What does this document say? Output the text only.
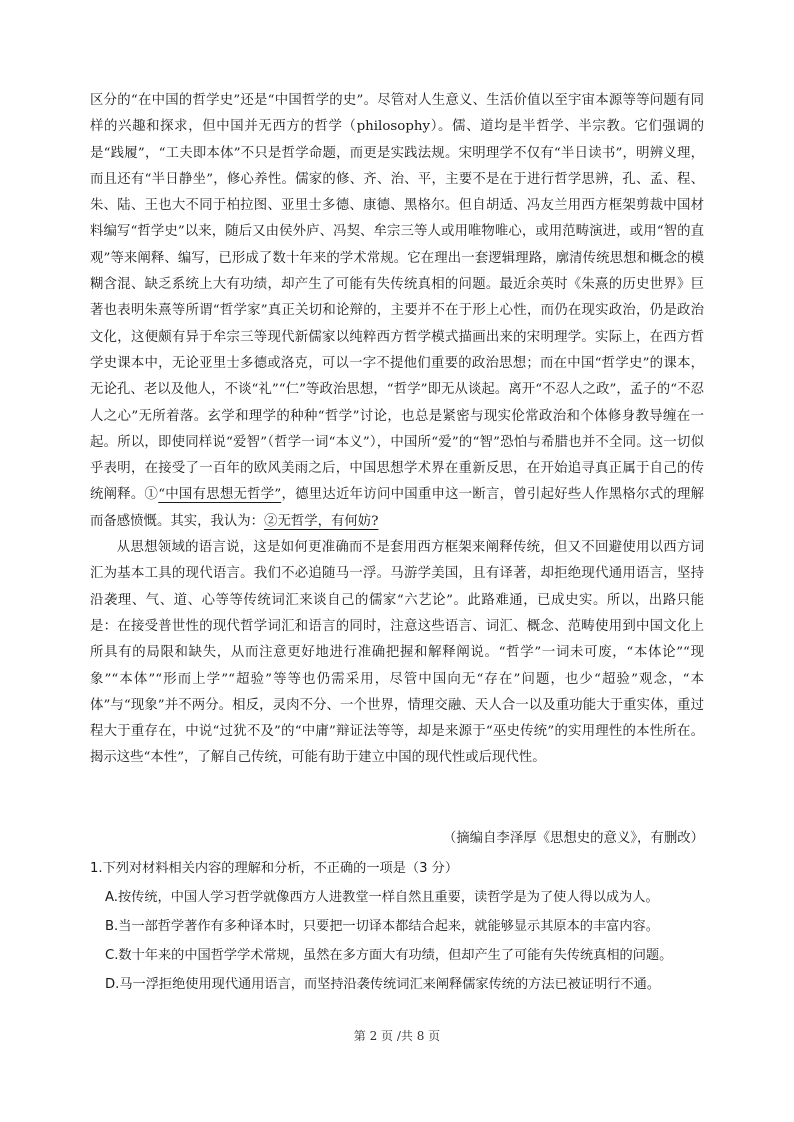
区分的“在中国的哲学史”还是“中国哲学的史”。尽管对人生意义、生活价值以至宇宙本源等等问题有同样的兴趣和探求，但中国并无西方的哲学（philosophy）。儒、道均是半哲学、半宗教。它们强调的是“践履”，“工夫即本体”不只是哲学命题，而更是实践法规。宋明理学不仅有“半日读书”，明辨义理，而且还有“半日静坐”，修心养性。儒家的修、齐、治、平，主要不是在于进行哲学思辨，孔、孟、程、朱、陆、王也大不同于柏拉图、亚里士多德、康德、黑格尔。但自胡适、冯友兰用西方框架剪裁中国材料编写“哲学史”以来，随后又由侯外庐、冯契、牟宗三等人或用唯物唯心，或用范畴演进，或用“智的直观”等来阐释、编写，已形成了数十年来的学术常规。它在理出一套逻辑理路，廓清传统思想和概念的模糊含混、缺乏系统上大有功绩，却产生了可能有失传统真相的问题。最近余英时《朱熹的历史世界》巨著也表明朱熹等所谓“哲学家”真正关切和论辩的，主要并不在于形上心性，而仍在现实政治，仍是政治文化，这便颇有异于牟宗三等现代新儒家以纯粹西方哲学模式描画出来的宋明理学。实际上，在西方哲学史课本中，无论亚里士多德或洛克，可以一字不提他们重要的政治思想；而在中国“哲学史”的课本，无论孔、老以及他人，不谈“礼”“仁”等政治思想，“哲学”即无从谈起。离开“不忍人之政”，孟子的“不忍人之心”无所着落。玄学和理学的种种“哲学”讨论，也总是紧密与现实伦常政治和个体修身教导缠在一起。所以，即使同样说“爱智”（哲学一词“本义”），中国所“爱”的“智”恐怕与希腊也并不全同。这一切似乎表明，在接受了一百年的欧风美雨之后，中国思想学术界在重新反思，在开始追寻真正属于自己的传统阐释。①“中国有思想无哲学”，德里达近年访问中国重申这一断言，曾引起好些人作黑格尔式的理解而备感愤慨。其实，我认为：②无哲学，有何妨?

从思想领域的语言说，这是如何更准确而不是套用西方框架来阐释传统，但又不回避使用以西方词汇为基本工具的现代语言。我们不必追随马一浮。马游学美国，且有译著，却拒绝现代通用语言，坚持沿袭理、气、道、心等等传统词汇来谈自己的儒家“六艺论”。此路难通，已成史实。所以，出路只能是：在接受普世性的现代哲学词汇和语言的同时，注意这些语言、词汇、概念、范畴使用到中国文化上所具有的局限和缺失，从而注意更好地进行准确把握和解释阐说。“哲学”一词未可废，“本体论”“现象”“本体”“形而上学”“超验”等等也仍需采用，尽管中国向无“存在”问题，也少“超验”观念，“本体”与“现象”并不两分。相反，灵肉不分、一个世界，情理交融、天人合一以及重功能大于重实体，重过程大于重存在，中说“过犹不及”的“中庸”辩证法等等，却是来源于“巫史传统”的实用理性的本性所在。揭示这些“本性”，了解自己传统，可能有助于建立中国的现代性或后现代性。

（摘编自李泽厚《思想史的意义》，有删改）

1.下列对材料相关内容的理解和分析，不正确的一项是（3 分）

A.按传统，中国人学习哲学就像西方人进教堂一样自然且重要，读哲学是为了使人得以成为人。

B.当一部哲学著作有多种译本时，只要把一切译本都结合起来，就能够显示其原本的丰富内容。

C.数十年来的中国哲学学术常规，虽然在多方面大有功绩，但却产生了可能有失传统真相的问题。

D.马一浮拒绝使用现代通用语言，而坚持沿袭传统词汇来阐释儒家传统的方法已被证明行不通。

第 2 页 /共 8 页
